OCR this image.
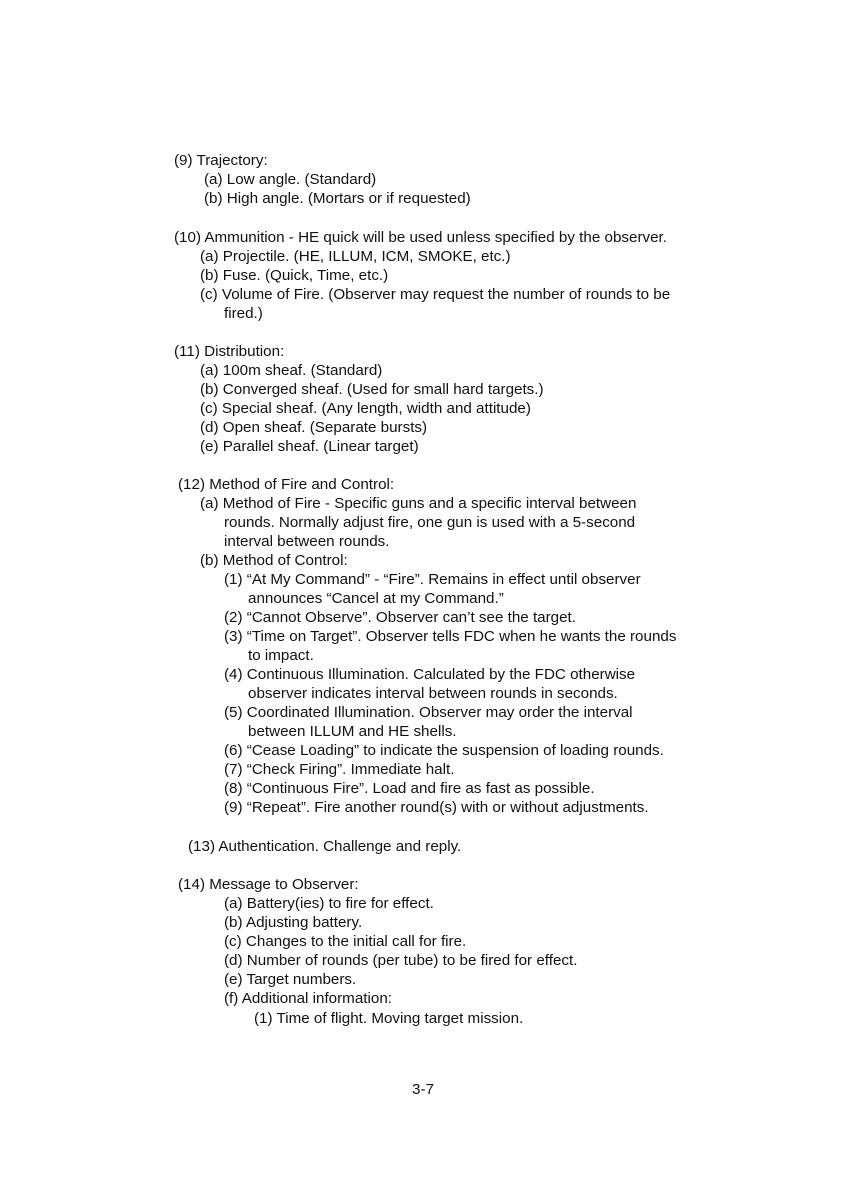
(9) Trajectory:

(a) Low angle. (Standard)

(b) High angle. (Mortars or if requested)

(10) Ammunition - HE quick will be used unless specified by the observer.

(a) Projectile. (HE, ILLUM, ICM, SMOKE, etc.)

(b) Fuse. (Quick, Time, etc.)

(c) Volume of Fire. (Observer may request the number of rounds to be

fired.)

(11) Distribution:

(a) 100m sheaf. (Standard)

(b) Converged sheaf. (Used for small hard targets.)

(c) Special sheaf. (Any length, width and attitude)

(d) Open sheaf. (Separate bursts)

(e) Parallel sheaf. (Linear target)

(12) Method of Fire and Control:

(a) Method of Fire - Specific guns and a specific interval between

rounds. Normally adjust fire, one gun is used with a 5-second

interval between rounds.

(b) Method of Control:

(1) “At My Command” - “Fire”. Remains in effect until observer

announces “Cancel at my Command.”

(2) “Cannot Observe”. Observer can’t see the target.

(3) “Time on Target”. Observer tells FDC when he wants the rounds

to impact.

(4) Continuous Illumination. Calculated by the FDC otherwise

observer indicates interval between rounds in seconds.

(5) Coordinated Illumination. Observer may order the interval

between ILLUM and HE shells.

(6) “Cease Loading” to indicate the suspension of loading rounds.

(7) “Check Firing”. Immediate halt.

(8) “Continuous Fire”. Load and fire as fast as possible.

(9) “Repeat”. Fire another round(s) with or without adjustments.

(13) Authentication. Challenge and reply.

(14) Message to Observer:

(a) Battery(ies) to fire for effect.

(b) Adjusting battery.

(c) Changes to the initial call for fire.

(d) Number of rounds (per tube) to be fired for effect.

(e) Target numbers.

(f) Additional information:

(1) Time of flight. Moving target mission.

3-7
